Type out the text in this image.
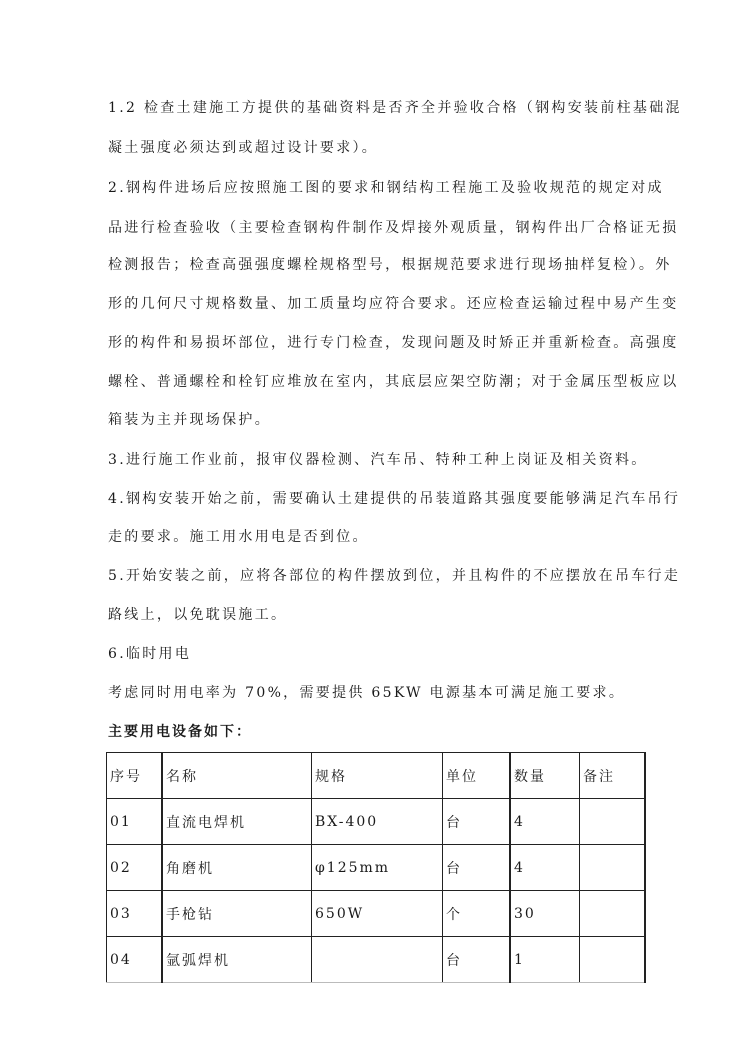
1.2 检查土建施工方提供的基础资料是否齐全并验收合格（钢构安装前柱基础混
凝土强度必须达到或超过设计要求）。
2.钢构件进场后应按照施工图的要求和钢结构工程施工及验收规范的规定对成
品进行检查验收（主要检查钢构件制作及焊接外观质量，钢构件出厂合格证无损
检测报告；检查高强强度螺栓规格型号，根据规范要求进行现场抽样复检）。外
形的几何尺寸规格数量、加工质量均应符合要求。还应检查运输过程中易产生变
形的构件和易损坏部位，进行专门检查，发现问题及时矫正并重新检查。高强度
螺栓、普通螺栓和栓钉应堆放在室内，其底层应架空防潮；对于金属压型板应以
箱装为主并现场保护。
3.进行施工作业前，报审仪器检测、汽车吊、特种工种上岗证及相关资料。
4.钢构安装开始之前，需要确认土建提供的吊装道路其强度要能够满足汽车吊行
走的要求。施工用水用电是否到位。
5.开始安装之前，应将各部位的构件摆放到位，并且构件的不应摆放在吊车行走
路线上，以免耽误施工。
6.临时用电
考虑同时用电率为 70%，需要提供 65KW 电源基本可满足施工要求。
主要用电设备如下：
序号	名称	规格	单位	数量	备注
01	直流电焊机	BX-400	台	4	
02	角磨机	φ125mm	台	4	
03	手枪钻	650W	个	30	
04	氩弧焊机		台	1	
